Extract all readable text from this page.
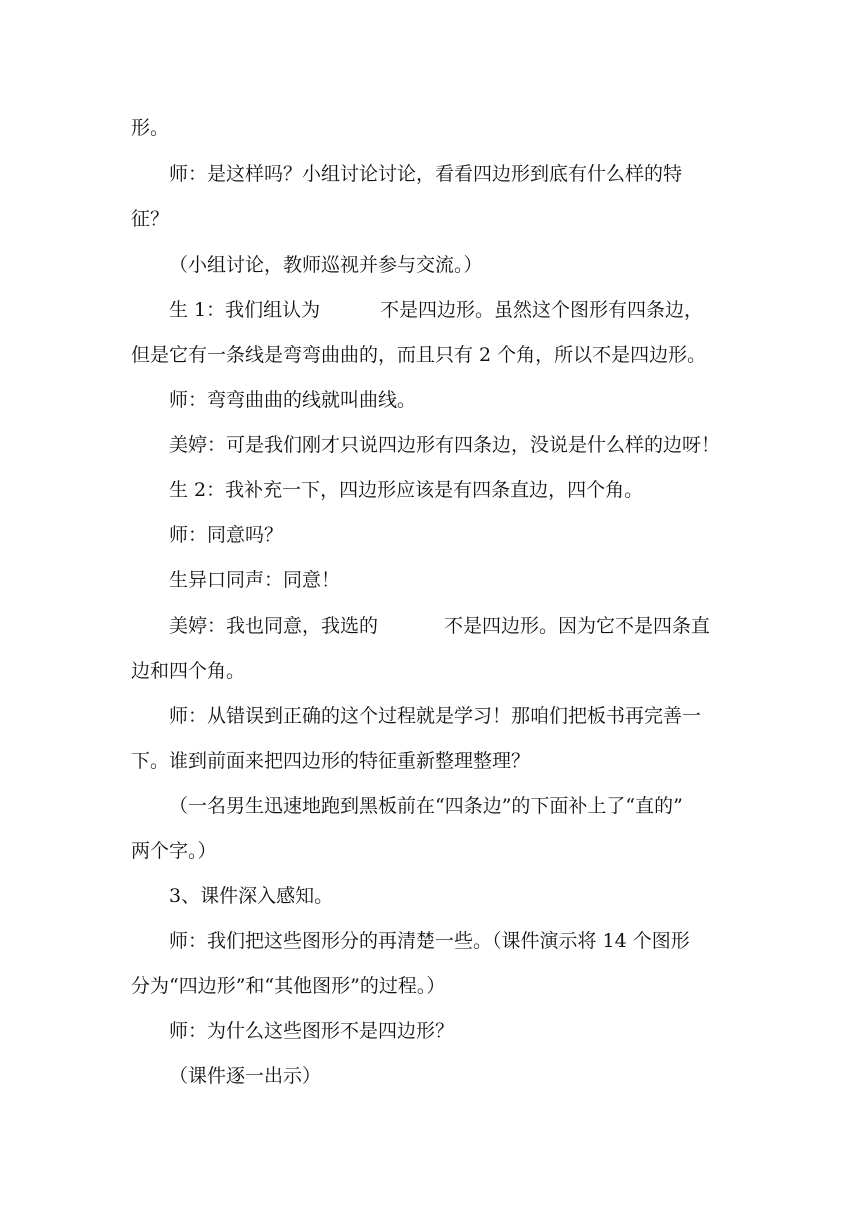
形。
师：是这样吗？小组讨论讨论，看看四边形到底有什么样的特
征？
（小组讨论，教师巡视并参与交流。）
生 1：我们组认为	不是四边形。虽然这个图形有四条边，
但是它有一条线是弯弯曲曲的，而且只有 2 个角，所以不是四边形。
师：弯弯曲曲的线就叫曲线。
美婷：可是我们刚才只说四边形有四条边，没说是什么样的边呀！
生 2：我补充一下，四边形应该是有四条直边，四个角。
师：同意吗？
生异口同声：同意！
美婷：我也同意，我选的	不是四边形。因为它不是四条直
边和四个角。
师：从错误到正确的这个过程就是学习！那咱们把板书再完善一
下。谁到前面来把四边形的特征重新整理整理？
（一名男生迅速地跑到黑板前在“四条边”的下面补上了“直的”
两个字。）
3、课件深入感知。
师：我们把这些图形分的再清楚一些。（课件演示将 14 个图形
分为“四边形”和“其他图形”的过程。）
师：为什么这些图形不是四边形？
（课件逐一出示）
